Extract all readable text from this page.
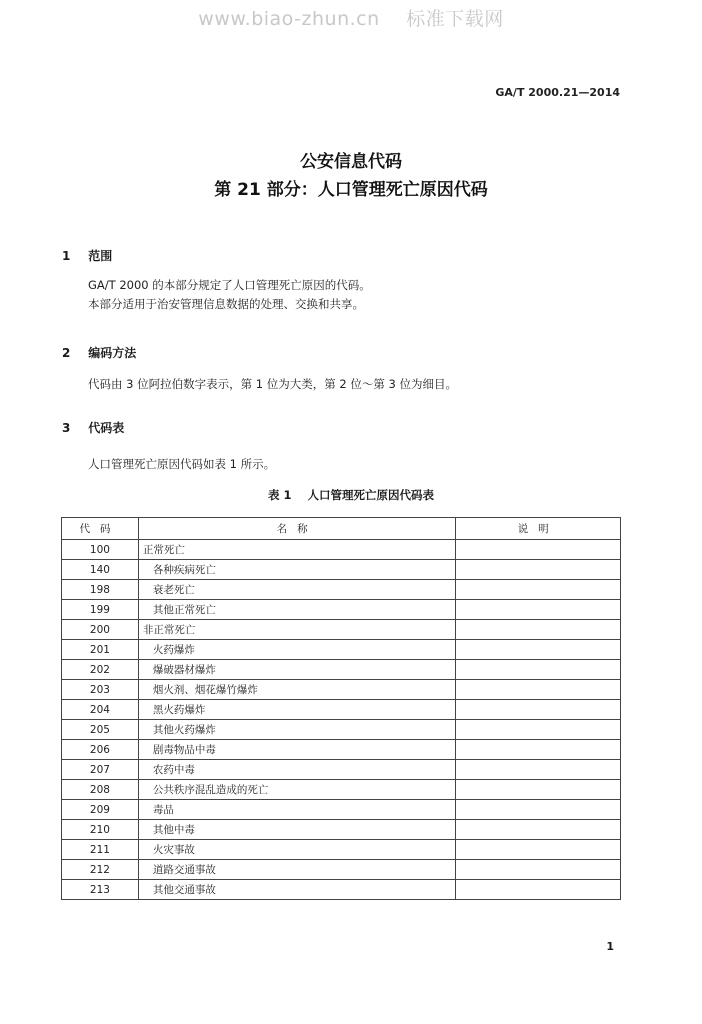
www.biao-zhun.cn 标准下载网
GA/T 2000.21—2014
公安信息代码
第 21 部分：人口管理死亡原因代码
1 范围
GA/T 2000 的本部分规定了人口管理死亡原因的代码。
本部分适用于治安管理信息数据的处理、交换和共享。
2 编码方法
代码由 3 位阿拉伯数字表示，第 1 位为大类，第 2 位～第 3 位为细目。
3 代码表
人口管理死亡原因代码如表 1 所示。
表 1 人口管理死亡原因代码表
代码	名称	说明
100	正常死亡	
140	各种疾病死亡	
198	衰老死亡	
199	其他正常死亡	
200	非正常死亡	
201	火药爆炸	
202	爆破器材爆炸	
203	烟火剂、烟花爆竹爆炸	
204	黑火药爆炸	
205	其他火药爆炸	
206	剧毒物品中毒	
207	农药中毒	
208	公共秩序混乱造成的死亡	
209	毒品	
210	其他中毒	
211	火灾事故	
212	道路交通事故	
213	其他交通事故	
1
